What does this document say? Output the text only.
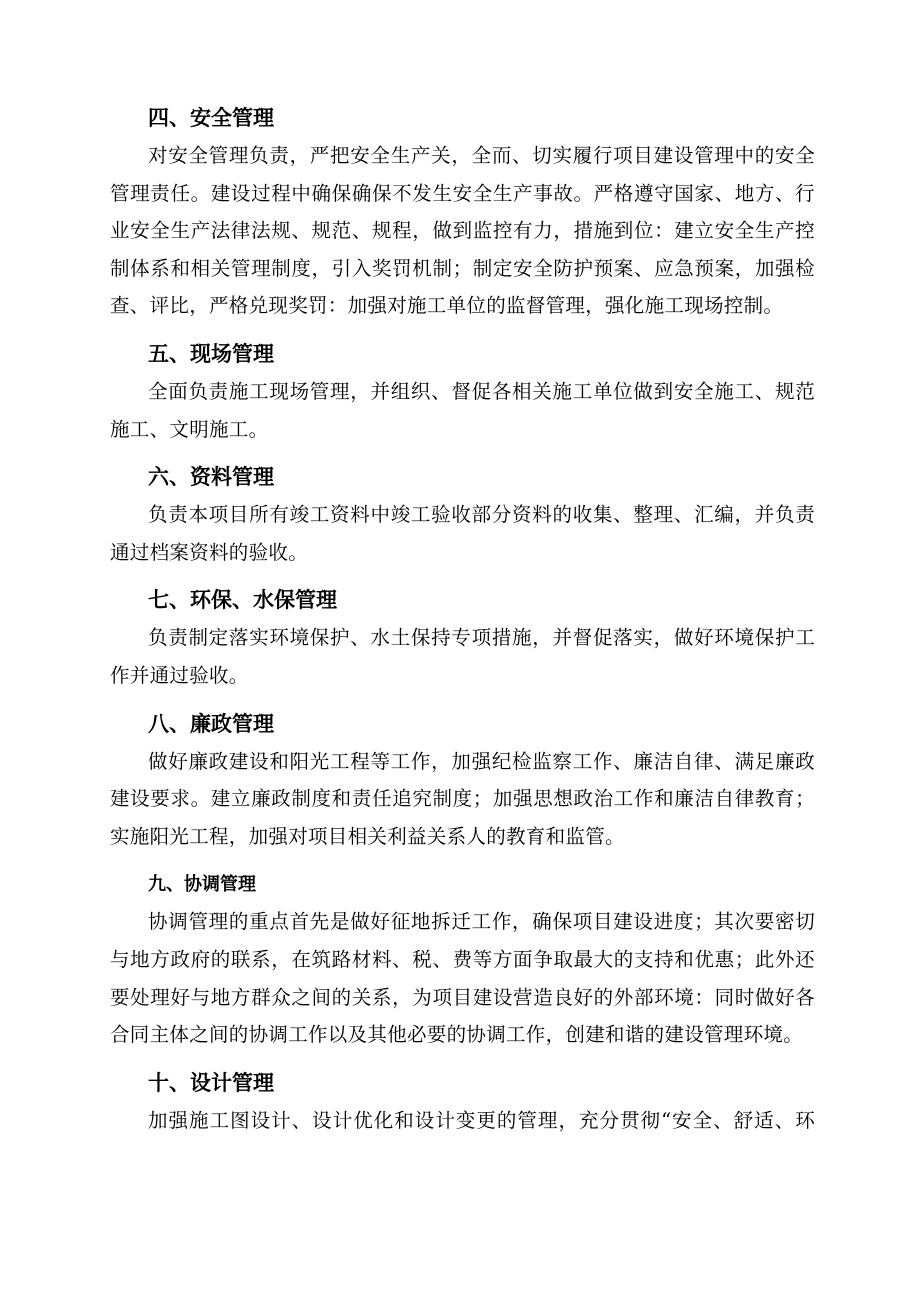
四、安全管理

对安全管理负责，严把安全生产关，全而、切实履行项目建设管理中的安全管理责任。建设过程中确保确保不发生安全生产事故。严格遵守国家、地方、行业安全生产法律法规、规范、规程，做到监控有力，措施到位：建立安全生产控制体系和相关管理制度，引入奖罚机制；制定安全防护预案、应急预案，加强检查、评比，严格兑现奖罚：加强对施工单位的监督管理，强化施工现场控制。

五、现场管理

全面负责施工现场管理，并组织、督促各相关施工单位做到安全施工、规范施工、文明施工。

六、资料管理

负责本项目所有竣工资料中竣工验收部分资料的收集、整理、汇编，并负责通过档案资料的验收。

七、环保、水保管理

负责制定落实环境保护、水土保持专项措施，并督促落实，做好环境保护工作并通过验收。

八、廉政管理

做好廉政建设和阳光工程等工作，加强纪检监察工作、廉洁自律、满足廉政建设要求。建立廉政制度和责任追究制度；加强思想政治工作和廉洁自律教育；实施阳光工程，加强对项目相关利益关系人的教育和监管。

九、协调管理

协调管理的重点首先是做好征地拆迁工作，确保项目建设进度；其次要密切与地方政府的联系，在筑路材料、税、费等方面争取最大的支持和优惠；此外还要处理好与地方群众之间的关系，为项目建设营造良好的外部环境：同时做好各合同主体之间的协调工作以及其他必要的协调工作，创建和谐的建设管理环境。

十、设计管理

加强施工图设计、设计优化和设计变更的管理，充分贯彻“安全、舒适、环
